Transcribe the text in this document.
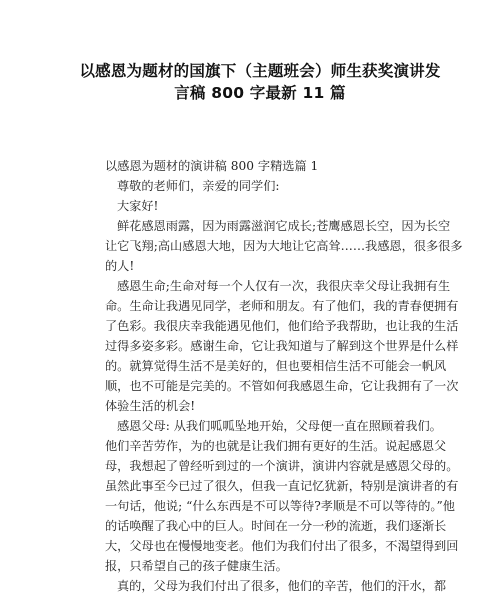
以感恩为题材的国旗下（主题班会）师生获奖演讲发
言稿 800 字最新 11 篇
以感恩为题材的演讲稿 800 字精选篇 1
尊敬的老师们，亲爱的同学们:
大家好!
鲜花感恩雨露，因为雨露滋润它成长;苍鹰感恩长空，因为长空
让它飞翔;高山感恩大地，因为大地让它高耸……我感恩，很多很多
的人!
感恩生命;生命对每一个人仅有一次，我很庆幸父母让我拥有生
命。生命让我遇见同学，老师和朋友。有了他们，我的青春便拥有
了色彩。我很庆幸我能遇见他们，他们给予我帮助，也让我的生活
过得多姿多彩。感谢生命，它让我知道与了解到这个世界是什么样
的。就算觉得生活不是美好的，但也要相信生活不可能会一帆风
顺，也不可能是完美的。不管如何我感恩生命，它让我拥有了一次
体验生活的机会!
感恩父母: 从我们呱呱坠地开始，父母便一直在照顾着我们。
他们辛苦劳作，为的也就是让我们拥有更好的生活。说起感恩父
母，我想起了曾经听到过的一个演讲，演讲内容就是感恩父母的。
虽然此事至今已过了很久，但我一直记忆犹新，特别是演讲者的有
一句话，他说; “什么东西是不可以等待?孝顺是不可以等待的。”他
的话唤醒了我心中的巨人。时间在一分一秒的流逝，我们逐渐长
大，父母也在慢慢地变老。他们为我们付出了很多，不渴望得到回
报，只希望自己的孩子健康生活。
真的，父母为我们付出了很多，他们的辛苦，他们的汗水，都
